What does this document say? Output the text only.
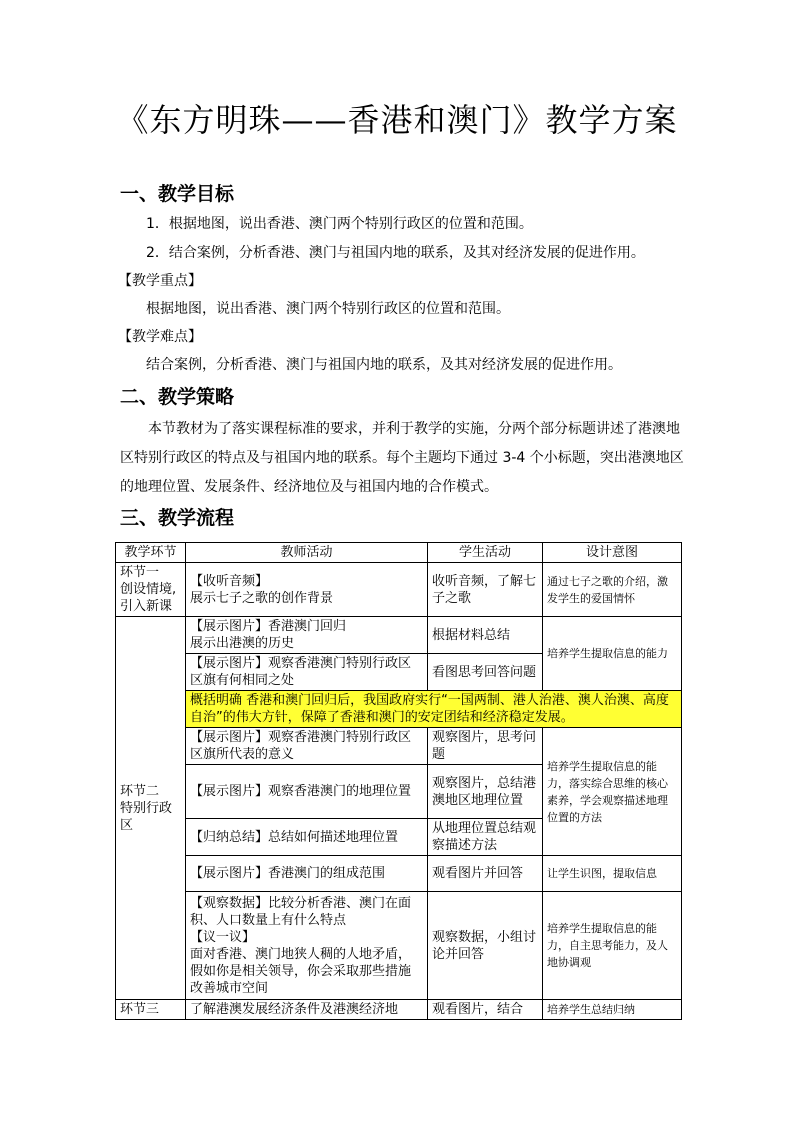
《东方明珠——香港和澳门》教学方案
一、教学目标
1．根据地图，说出香港、澳门两个特别行政区的位置和范围。
2．结合案例，分析香港、澳门与祖国内地的联系，及其对经济发展的促进作用。
【教学重点】
根据地图，说出香港、澳门两个特别行政区的位置和范围。
【教学难点】
结合案例，分析香港、澳门与祖国内地的联系，及其对经济发展的促进作用。
二、教学策略
本节教材为了落实课程标准的要求，并利于教学的实施，分两个部分标题讲述了港澳地区特别行政区的特点及与祖国内地的联系。每个主题均下通过 3-4 个小标题，突出港澳地区的地理位置、发展条件、经济地位及与祖国内地的合作模式。
三、教学流程
教学环节	教师活动	学生活动	设计意图

环节一
创设情境,
引入新课	【收听音频】
展示七子之歌的创作背景	收听音频，了解七子之歌	通过七子之歌的介绍，激发学生的爱国情怀

环节二
特别行政
区	【展示图片】香港澳门回归
展示出港澳的历史	根据材料总结	培养学生提取信息的能力
	【展示图片】观察香港澳门特别行政区区旗有何相同之处	看图思考回答问题	
	概括明确 香港和澳门回归后，我国政府实行“一国两制、港人治港、澳人治澳、高度自治”的伟大方针，保障了香港和澳门的安定团结和经济稳定发展。		
	【展示图片】观察香港澳门特别行政区区旗所代表的意义	观察图片，思考问题	培养学生提取信息的能力，落实综合思维的核心素养，学会观察描述地理位置的方法
	【展示图片】观察香港澳门的地理位置	观察图片，总结港澳地区地理位置	
	【归纳总结】总结如何描述地理位置	从地理位置总结观察描述方法	
	【展示图片】香港澳门的组成范围	观看图片并回答	让学生识图，提取信息
	【观察数据】比较分析香港、澳门在面积、人口数量上有什么特点
【议一议】
面对香港、澳门地狭人稠的人地矛盾，假如你是相关领导，你会采取那些措施改善城市空间	观察数据，小组讨论并回答	培养学生提取信息的能力，自主思考能力，及人地协调观

环节三	了解港澳发展经济条件及港澳经济地	观看图片，结合	培养学生总结归纳
